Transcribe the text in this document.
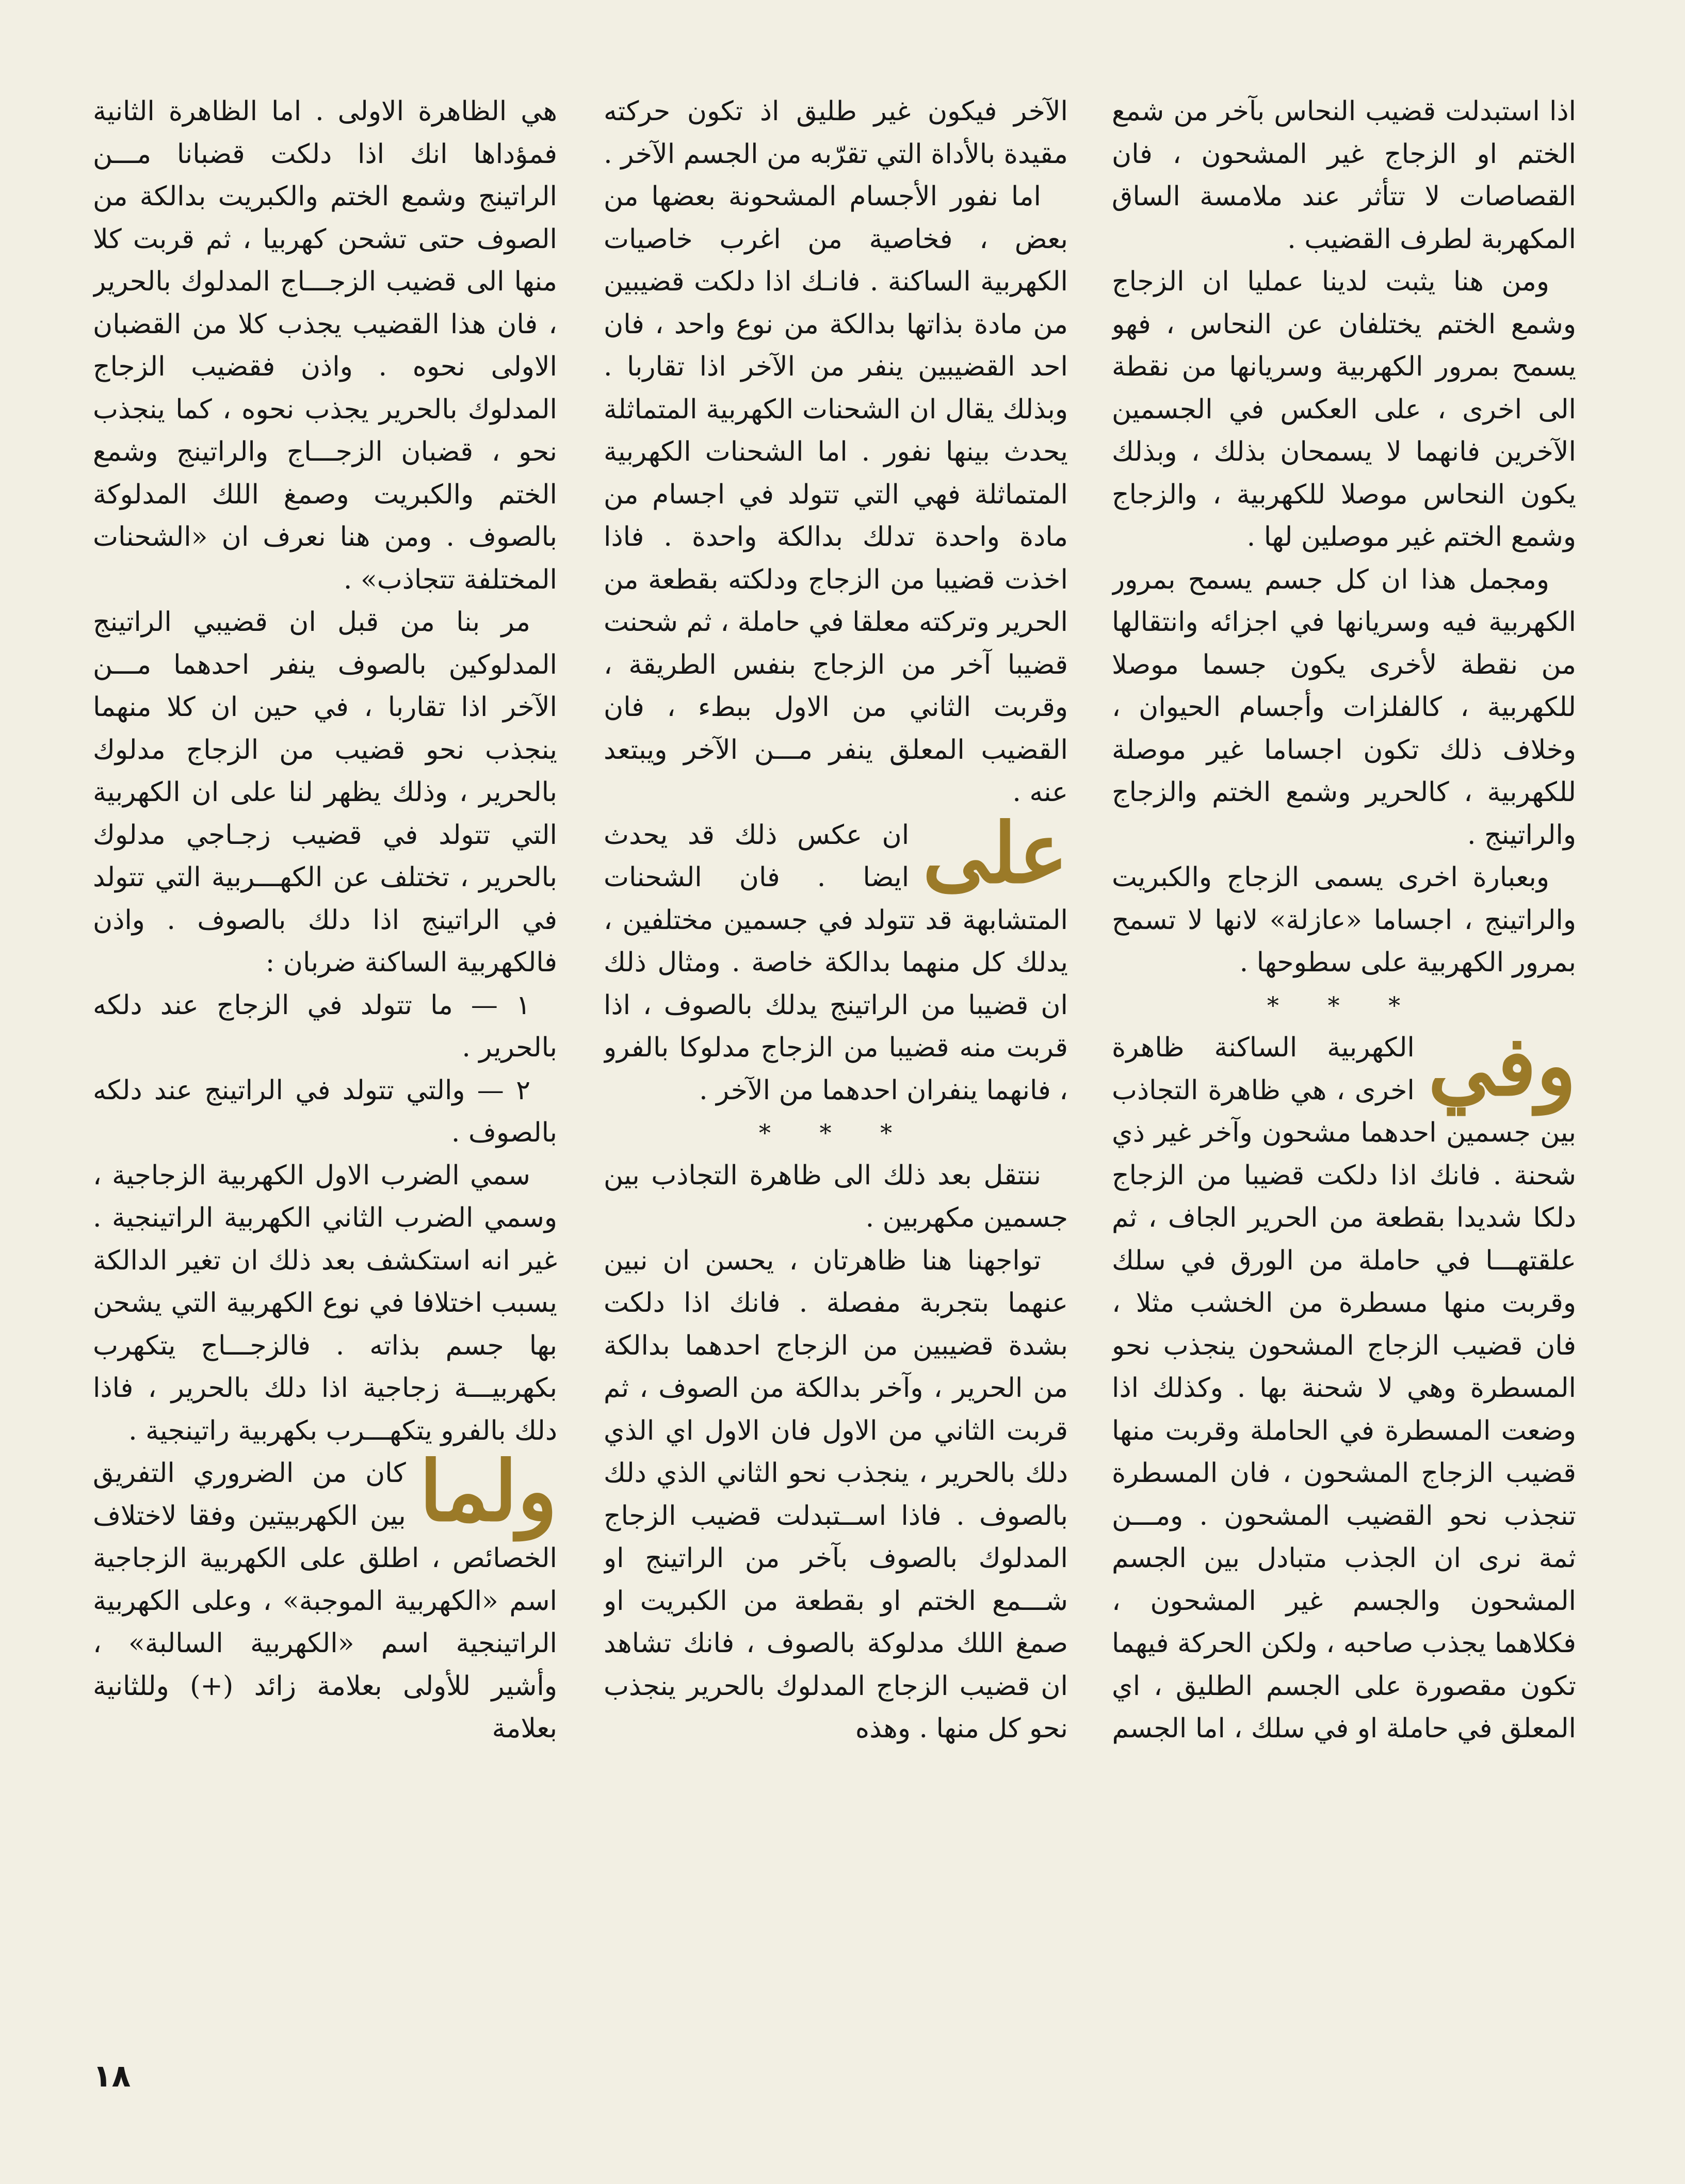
اذا استبدلت قضيب النحاس بآخر من شمع الختم او الزجاج غير المشحون ، فان القصاصات لا تتأثر عند ملامسة الساق المكهربة لطرف القضيب .

ومن هنا يثبت لدينا عمليا ان الزجاج وشمع الختم يختلفان عن النحاس ، فهو يسمح بمرور الكهربية وسريانها من نقطة الى اخرى ، على العكس في الجسمين الآخرين فانهما لا يسمحان بذلك ، وبذلك يكون النحاس موصلا للكهربية ، والزجاج وشمع الختم غير موصلين لها .

ومجمل هذا ان كل جسم يسمح بمرور الكهربية فيه وسريانها في اجزائه وانتقالها من نقطة لأخرى يكون جسما موصلا للكهربية ، كالفلزات وأجسام الحيوان ، وخلاف ذلك تكون اجساما غير موصلة للكهربية ، كالحرير وشمع الختم والزجاج والراتينج .

وبعبارة اخرى يسمى الزجاج والكبريت والراتينج ، اجساما «عازلة» لانها لا تسمح بمرور الكهربية على سطوحها .

* * *

وفي
الكهربية الساكنة ظاهرة اخرى ، هي ظاهرة التجاذب بين جسمين احدهما مشحون وآخر غير ذي شحنة . فانك اذا دلكت قضيبا من الزجاج دلكا شديدا بقطعة من الحرير الجاف ، ثم علقتهـــا في حاملة من الورق في سلك وقربت منها مسطرة من الخشب مثلا ، فان قضيب الزجاج المشحون ينجذب نحو المسطرة وهي لا شحنة بها . وكذلك اذا وضعت المسطرة في الحاملة وقربت منها قضيب الزجاج المشحون ، فان المسطرة تنجذب نحو القضيب المشحون . ومـــن ثمة نرى ان الجذب متبادل بين الجسم المشحون والجسم غير المشحون ، فكلاهما يجذب صاحبه ، ولكن الحركة فيهما تكون مقصورة على الجسم الطليق ، اي المعلق في حاملة او في سلك ، اما الجسم

الآخر فيكون غير طليق اذ تكون حركته مقيدة بالأداة التي تقرّبه من الجسم الآخر .

اما نفور الأجسام المشحونة بعضها من بعض ، فخاصية من اغرب خاصيات الكهربية الساكنة . فانـك اذا دلكت قضيبين من مادة بذاتها بدالكة من نوع واحد ، فان احد القضيبين ينفر من الآخر اذا تقاربا . وبذلك يقال ان الشحنات الكهربية المتماثلة يحدث بينها نفور . اما الشحنات الكهربية المتماثلة فهي التي تتولد في اجسام من مادة واحدة تدلك بدالكة واحدة . فاذا اخذت قضيبا من الزجاج ودلكته بقطعة من الحرير وتركته معلقا في حاملة ، ثم شحنت قضيبا آخر من الزجاج بنفس الطريقة ، وقربت الثاني من الاول ببطء ، فان القضيب المعلق ينفر مـــن الآخر ويبتعد عنه .

على
ان عكس ذلك قد يحدث ايضا . فان الشحنات المتشابهة قد تتولد في جسمين مختلفين ، يدلك كل منهما بدالكة خاصة . ومثال ذلك ان قضيبا من الراتينج يدلك بالصوف ، اذا قربت منه قضيبا من الزجاج مدلوكا بالفرو ، فانهما ينفران احدهما من الآخر .

* * *

ننتقل بعد ذلك الى ظاهرة التجاذب بين جسمين مكهربين .

تواجهنا هنا ظاهرتان ، يحسن ان نبين عنهما بتجربة مفصلة . فانك اذا دلكت بشدة قضيبين من الزجاج احدهما بدالكة من الحرير ، وآخر بدالكة من الصوف ، ثم قربت الثاني من الاول فان الاول اي الذي دلك بالحرير ، ينجذب نحو الثاني الذي دلك بالصوف . فاذا اســتبدلت قضيب الزجاج المدلوك بالصوف بآخر من الراتينج او شـــمع الختم او بقطعة من الكبريت او صمغ اللك مدلوكة بالصوف ، فانك تشاهد ان قضيب الزجاج المدلوك بالحرير ينجذب نحو كل منها . وهذه

هي الظاهرة الاولى . اما الظاهرة الثانية فمؤداها انك اذا دلكت قضبانا مـــن الراتينج وشمع الختم والكبريت بدالكة من الصوف حتى تشحن كهربيا ، ثم قربت كلا منها الى قضيب الزجـــاج المدلوك بالحرير ، فان هذا القضيب يجذب كلا من القضبان الاولى نحوه . واذن فقضيب الزجاج المدلوك بالحرير يجذب نحوه ، كما ينجذب نحو ، قضبان الزجـــاج والراتينج وشمع الختم والكبريت وصمغ اللك المدلوكة بالصوف . ومن هنا نعرف ان «الشحنات المختلفة تتجاذب» .

مر بنا من قبل ان قضيبي الراتينج المدلوكين بالصوف ينفر احدهما مـــن الآخر اذا تقاربا ، في حين ان كلا منهما ينجذب نحو قضيب من الزجاج مدلوك بالحرير ، وذلك يظهر لنا على ان الكهربية التي تتولد في قضيب زجـاجي مدلوك بالحرير ، تختلف عن الكهـــربية التي تتولد في الراتينج اذا دلك بالصوف . واذن فالكهربية الساكنة ضربان :

١ — ما تتولد في الزجاج عند دلكه بالحرير .

٢ — والتي تتولد في الراتينج عند دلكه بالصوف .

سمي الضرب الاول الكهربية الزجاجية ، وسمي الضرب الثاني الكهربية الراتينجية . غير انه استكشف بعد ذلك ان تغير الدالكة يسبب اختلافا في نوع الكهربية التي يشحن بها جسم بذاته . فالزجـــاج يتكهرب بكهربيـــة زجاجية اذا دلك بالحرير ، فاذا دلك بالفرو يتكهـــرب بكهربية راتينجية .

ولما
كان من الضروري التفريق بين الكهربيتين وفقا لاختلاف الخصائص ، اطلق على الكهربية الزجاجية اسم «الكهربية الموجبة» ، وعلى الكهربية الراتينجية اسم «الكهربية السالبة» ، وأشير للأولى بعلامة زائد (+) وللثانية بعلامة

١٨
